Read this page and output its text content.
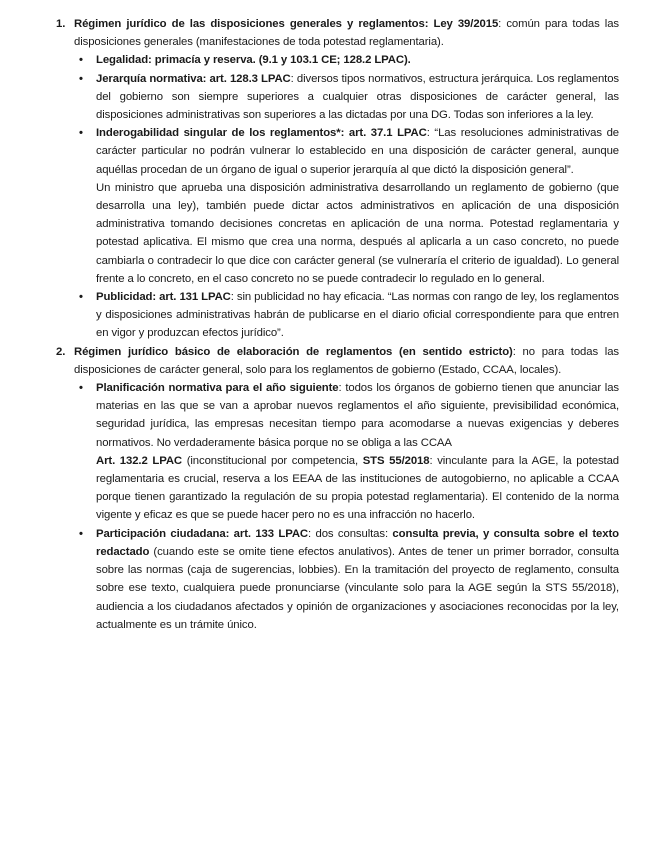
1. Régimen jurídico de las disposiciones generales y reglamentos: Ley 39/2015: común para todas las disposiciones generales (manifestaciones de toda potestad reglamentaria).

• Legalidad: primacía y reserva. (9.1 y 103.1 CE; 128.2 LPAC).

• Jerarquía normativa: art. 128.3 LPAC: diversos tipos normativos, estructura jerárquica. Los reglamentos del gobierno son siempre superiores a cualquier otras disposiciones de carácter general, las disposiciones administrativas son superiores a las dictadas por una DG. Todas son inferiores a la ley.

• Inderogabilidad singular de los reglamentos*: art. 37.1 LPAC: “Las resoluciones administrativas de carácter particular no podrán vulnerar lo establecido en una disposición de carácter general, aunque aquéllas procedan de un órgano de igual o superior jerarquía al que dictó la disposición general”.

Un ministro que aprueba una disposición administrativa desarrollando un reglamento de gobierno (que desarrolla una ley), también puede dictar actos administrativos en aplicación de una disposición administrativa tomando decisiones concretas en aplicación de una norma. Potestad reglamentaria y potestad aplicativa. El mismo que crea una norma, después al aplicarla a un caso concreto, no puede cambiarla o contradecir lo que dice con carácter general (se vulneraría el criterio de igualdad). Lo general frente a lo concreto, en el caso concreto no se puede contradecir lo regulado en lo general.

• Publicidad: art. 131 LPAC: sin publicidad no hay eficacia. “Las normas con rango de ley, los reglamentos y disposiciones administrativas habrán de publicarse en el diario oficial correspondiente para que entren en vigor y produzcan efectos jurídico”.

2. Régimen jurídico básico de elaboración de reglamentos (en sentido estricto): no para todas las disposiciones de carácter general, solo para los reglamentos de gobierno (Estado, CCAA, locales).

• Planificación normativa para el año siguiente: todos los órganos de gobierno tienen que anunciar las materias en las que se van a aprobar nuevos reglamentos el año siguiente, previsibilidad económica, seguridad jurídica, las empresas necesitan tiempo para acomodarse a nuevas exigencias y deberes normativos. No verdaderamente básica porque no se obliga a las CCAA

Art. 132.2 LPAC (inconstitucional por competencia, STS 55/2018: vinculante para la AGE, la potestad reglamentaria es crucial, reserva a los EEAA de las instituciones de autogobierno, no aplicable a CCAA porque tienen garantizado la regulación de su propia potestad reglamentaria). El contenido de la norma vigente y eficaz es que se puede hacer pero no es una infracción no hacerlo.

• Participación ciudadana: art. 133 LPAC: dos consultas: consulta previa, y consulta sobre el texto redactado (cuando este se omite tiene efectos anulativos). Antes de tener un primer borrador, consulta sobre las normas (caja de sugerencias, lobbies). En la tramitación del proyecto de reglamento, consulta sobre ese texto, cualquiera puede pronunciarse (vinculante solo para la AGE según la STS 55/2018), audiencia a los ciudadanos afectados y opinión de organizaciones y asociaciones reconocidas por la ley, actualmente es un trámite único.
